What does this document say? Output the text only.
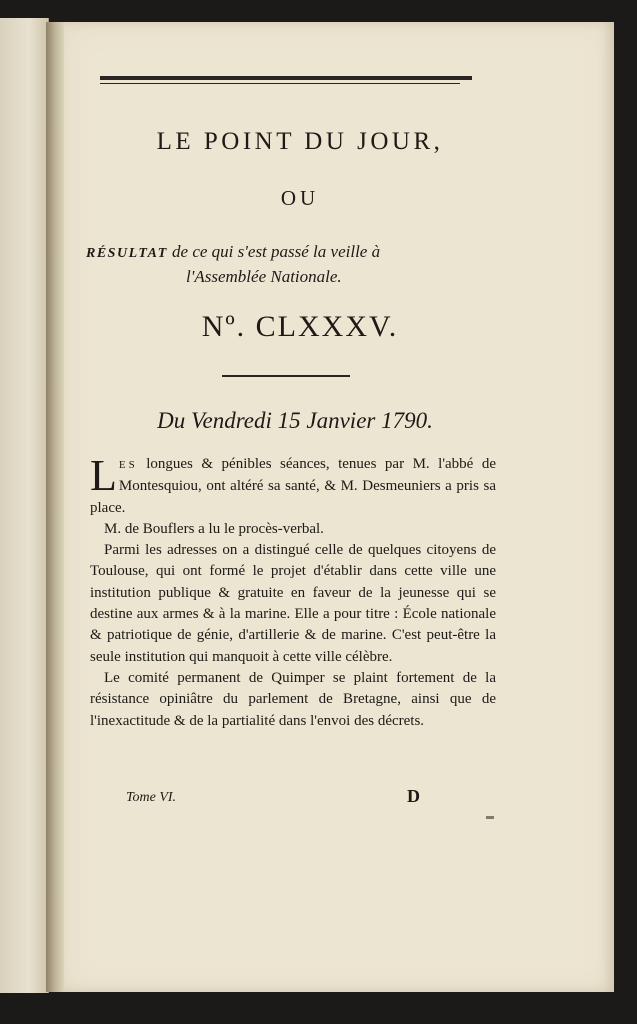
LE POINT DU JOUR,
OU
RÉSULTAT de ce qui s'est passé la veille à
l'Assemblée Nationale.
Nº. CLXXXV.
Du Vendredi 15 Janvier 1790.

LES longues & pénibles séances, tenues par M. l'abbé de Montesquiou, ont altéré sa santé, & M. Desmeuniers a pris sa place.

M. de Bouflers a lu le procès-verbal.

Parmi les adresses on a distingué celle de quelques citoyens de Toulouse, qui ont formé le projet d'établir dans cette ville une institution publique & gratuite en faveur de la jeunesse qui se destine aux armes & à la marine. Elle a pour titre : École nationale & patriotique de génie, d'artillerie & de marine. C'est peut-être la seule institution qui manquoit à cette ville célèbre.

Le comité permanent de Quimper se plaint fortement de la résistance opiniâtre du parlement de Bretagne, ainsi que de l'inexactitude & de la partialité dans l'envoi des décrets.

Tome VI.	D
